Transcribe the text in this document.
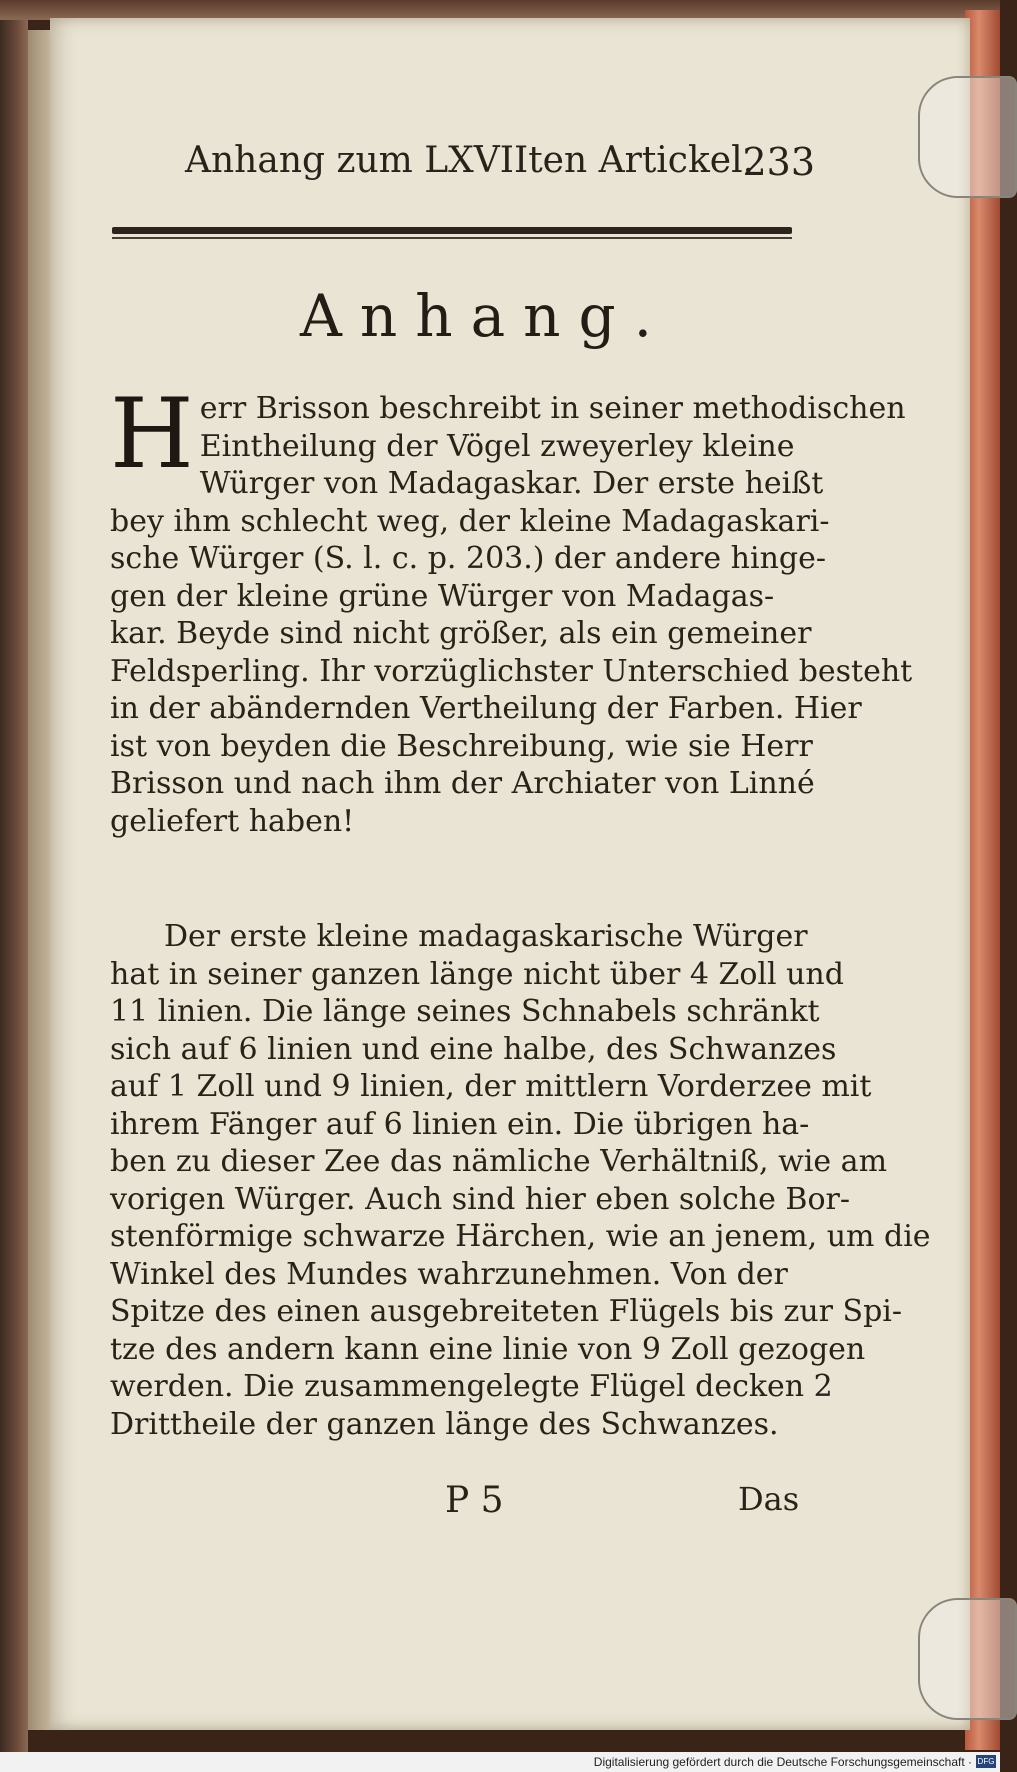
Anhang zum LXVIIten Artickel.
233
Anhang.
H err Brisson beschreibt in seiner methodischen
Eintheilung der Vögel zweyerley kleine
Würger von Madagaskar. Der erste heißt
bey ihm schlecht weg, der kleine Madagaskari-
sche Würger (S. l. c. p. 203.) der andere hinge-
gen der kleine grüne Würger von Madagas-
kar. Beyde sind nicht größer, als ein gemeiner
Feldsperling. Ihr vorzüglichster Unterschied besteht
in der abändernden Vertheilung der Farben. Hier
ist von beyden die Beschreibung, wie sie Herr
Brisson und nach ihm der Archiater von Linné
geliefert haben!
Der erste kleine madagaskarische Würger
hat in seiner ganzen länge nicht über 4 Zoll und
11 linien. Die länge seines Schnabels schränkt
sich auf 6 linien und eine halbe, des Schwanzes
auf 1 Zoll und 9 linien, der mittlern Vorderzee mit
ihrem Fänger auf 6 linien ein. Die übrigen ha-
ben zu dieser Zee das nämliche Verhältniß, wie am
vorigen Würger. Auch sind hier eben solche Bor-
stenförmige schwarze Härchen, wie an jenem, um die
Winkel des Mundes wahrzunehmen. Von der
Spitze des einen ausgebreiteten Flügels bis zur Spi-
tze des andern kann eine linie von 9 Zoll gezogen
werden. Die zusammengelegte Flügel decken 2
Drittheile der ganzen länge des Schwanzes.
P 5	Das
Digitalisierung gefördert durch die Deutsche Forschungsgemeinschaft · DFG
